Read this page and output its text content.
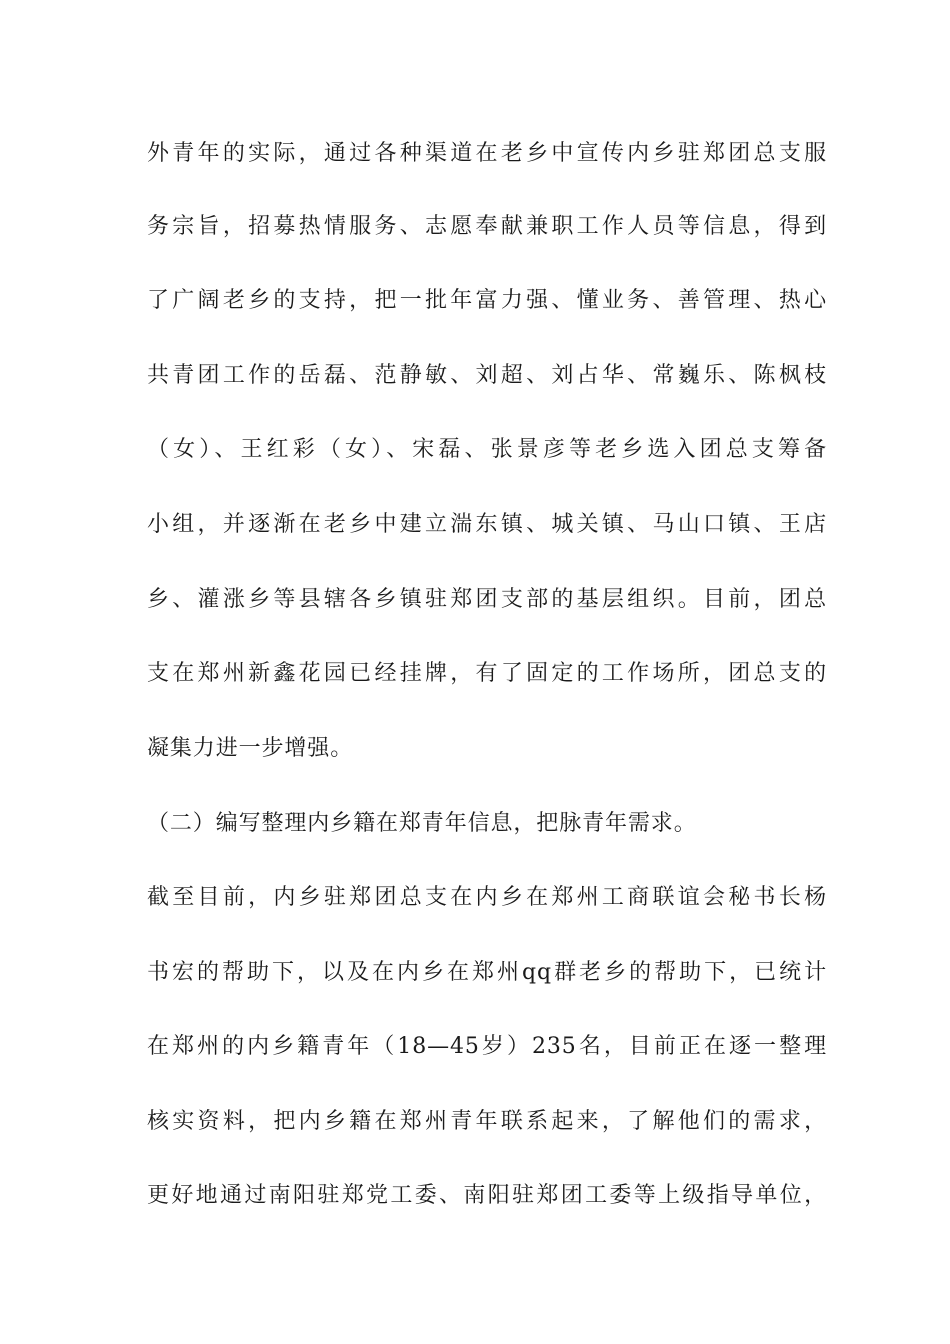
外青年的实际，通过各种渠道在老乡中宣传内乡驻郑团总支服
务宗旨，招募热情服务、志愿奉献兼职工作人员等信息，得到
了广阔老乡的支持，把一批年富力强、懂业务、善管理、热心
共青团工作的岳磊、范静敏、刘超、刘占华、常巍乐、陈枫枝
（女）、王红彩（女）、宋磊、张景彦等老乡选入团总支筹备
小组，并逐渐在老乡中建立湍东镇、城关镇、马山口镇、王店
乡、灌涨乡等县辖各乡镇驻郑团支部的基层组织。目前，团总
支在郑州新鑫花园已经挂牌，有了固定的工作场所，团总支的
凝集力进一步增强。
（二）编写整理内乡籍在郑青年信息，把脉青年需求。
截至目前，内乡驻郑团总支在内乡在郑州工商联谊会秘书长杨
书宏的帮助下，以及在内乡在郑州qq群老乡的帮助下，已统计
在郑州的内乡籍青年（18—45岁）235名，目前正在逐一整理
核实资料，把内乡籍在郑州青年联系起来，了解他们的需求，
更好地通过南阳驻郑党工委、南阳驻郑团工委等上级指导单位，
